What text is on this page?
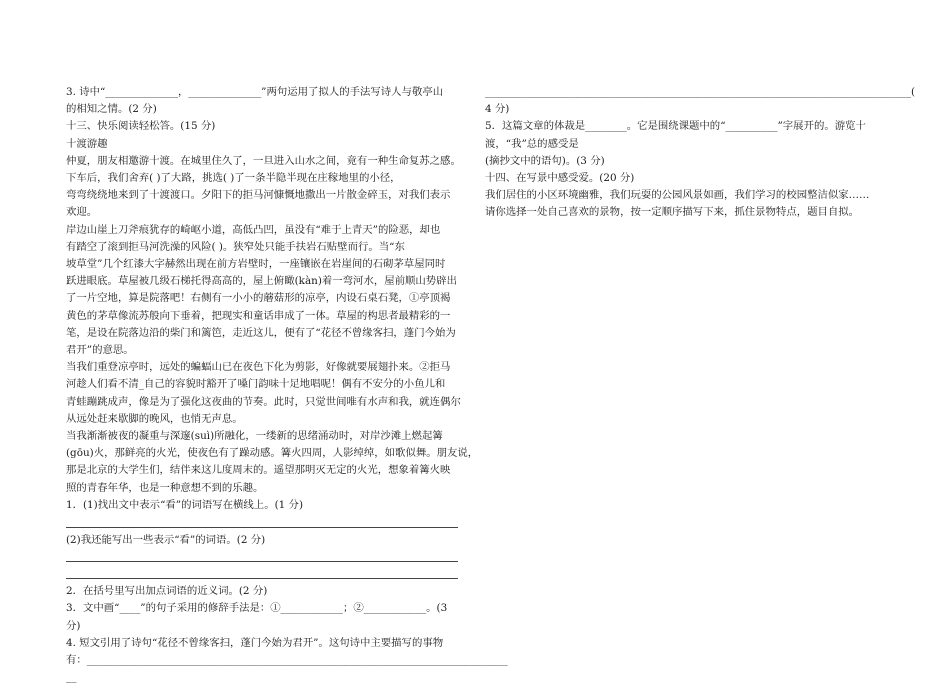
3. 诗中“______________，______________”两句运用了拟人的手法写诗人与敬亭山
的相知之情。(2 分)
十三、快乐阅读轻松答。(15 分)
十渡游趣
仲夏，朋友相邀游十渡。在城里住久了，一旦进入山水之间，竟有一种生命复苏之感。
下车后，我们舍弃( )了大路，挑选( )了一条半隐半现在庄稼地里的小径，
弯弯绕绕地来到了十渡渡口。夕阳下的拒马河慷慨地撒出一片散金碎玉，对我们表示
欢迎。
岸边山崖上刀斧痕犹存的崎岖小道，高低凸凹，虽没有“难于上青天”的险恶，却也
有踏空了滚到拒马河洗澡的风险( )。狭窄处只能手扶岩石贴壁而行。当“东
坡草堂”几个红漆大字赫然出现在前方岩壁时，一座镶嵌在岩崖间的石砌茅草屋同时
跃进眼底。草屋被几级石梯托得高高的，屋上俯瞰(kàn)着一弯河水，屋前顺山势辟出
了一片空地，算是院落吧！右侧有一小小的蘑菇形的凉亭，内设石桌石凳，①亭顶褐
黄色的茅草像流苏般向下垂着，把现实和童话串成了一体。草屋的构思者最精彩的一
笔，是设在院落边沿的柴门和篱笆，走近这儿，便有了“花径不曾缘客扫，蓬门今始为
君开”的意思。
当我们重登凉亭时，远处的蝙蝠山已在夜色下化为剪影，好像就要展翅扑来。②拒马
河趁人们看不清_自己的容貌时豁开了嗓门韵味十足地唱呢！偶有不安分的小鱼儿和
青蛙蹦跳成声，像是为了强化这夜曲的节奏。此时，只觉世间唯有水声和我，就连偶尔
从远处赶来歇脚的晚风，也悄无声息。
当我渐渐被夜的凝重与深邃(suì)所融化，一缕新的思绪涌动时，对岸沙滩上燃起篝
(gōu)火，那鲜亮的火光，使夜色有了躁动感。篝火四周，人影绰绰，如歌似舞。朋友说，
那是北京的大学生们，结伴来这儿度周末的。遥望那明灭无定的火光，想象着篝火映
照的青春年华，也是一种意想不到的乐趣。
1．(1)找出文中表示“看”的词语写在横线上。(1 分)
(2)我还能写出一些表示“看”的词语。(2 分)
2．在括号里写出加点词语的近义词。(2 分)
3．文中画“____”的句子采用的修辞手法是：①____________；②____________。(3
分)
4. 短文引用了诗句“花径不曾缘客扫，蓬门今始为君开”。这句诗中主要描写的事物
有：_________________________________________________________________________________
__
__________________________________________________________________________________(
4 分)
5．这篇文章的体裁是________。它是围绕课题中的“__________”字展开的。游览十
渡，“我”总的感受是
(摘抄文中的语句)。(3 分)
十四、在写景中感受爱。(20 分)
我们居住的小区环境幽雅，我们玩耍的公园风景如画，我们学习的校园整洁似家……
请你选择一处自己喜欢的景物，按一定顺序描写下来，抓住景物特点，题目自拟。
